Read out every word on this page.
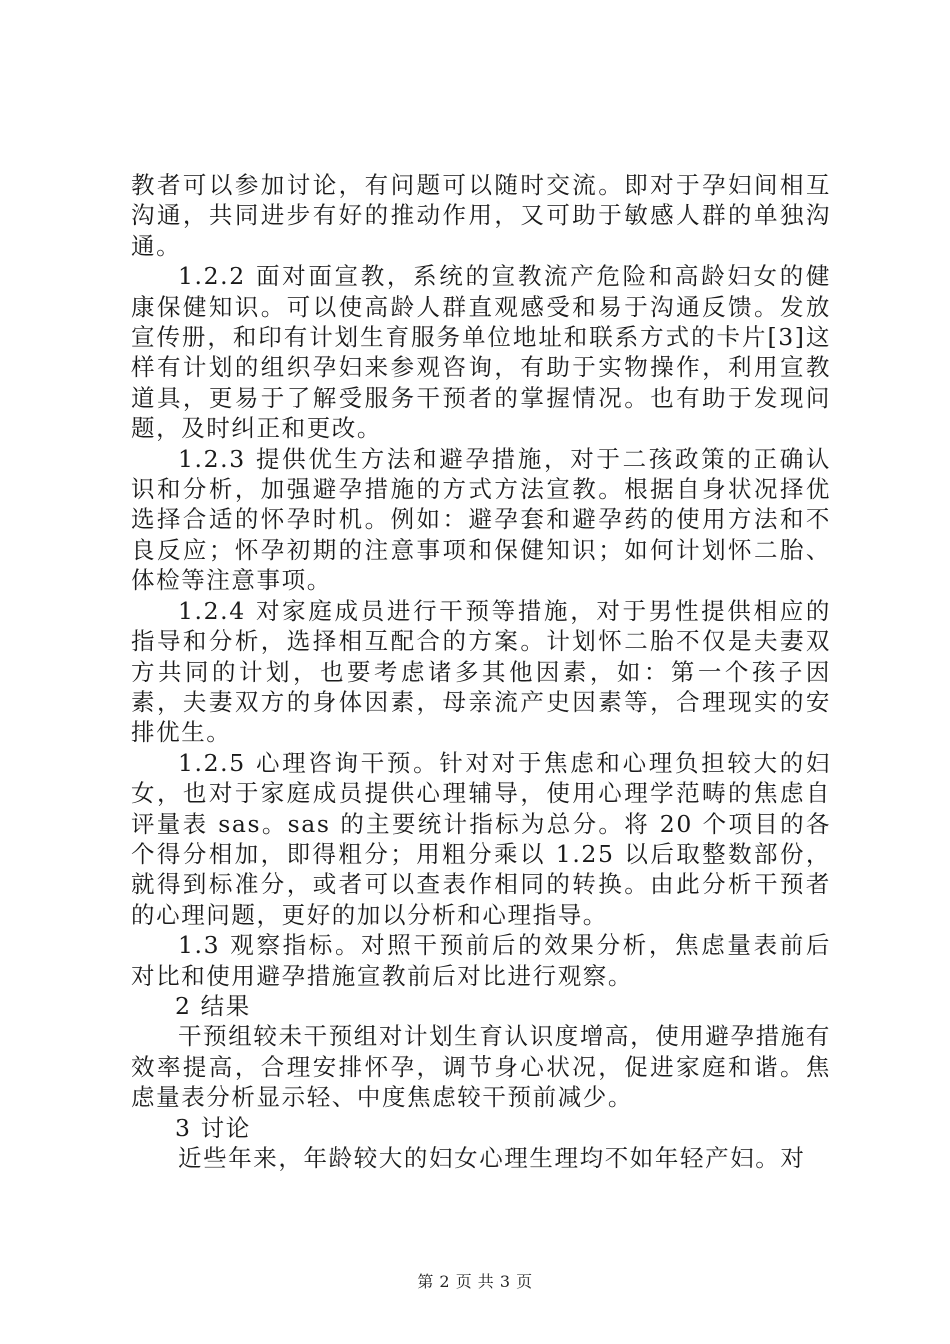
教者可以参加讨论，有问题可以随时交流。即对于孕妇间相互沟通，共同进步有好的推动作用，又可助于敏感人群的单独沟通。

1.2.2 面对面宣教，系统的宣教流产危险和高龄妇女的健康保健知识。可以使高龄人群直观感受和易于沟通反馈。发放宣传册，和印有计划生育服务单位地址和联系方式的卡片[3]这样有计划的组织孕妇来参观咨询，有助于实物操作，利用宣教道具，更易于了解受服务干预者的掌握情况。也有助于发现问题，及时纠正和更改。

1.2.3 提供优生方法和避孕措施，对于二孩政策的正确认识和分析，加强避孕措施的方式方法宣教。根据自身状况择优选择合适的怀孕时机。例如：避孕套和避孕药的使用方法和不良反应；怀孕初期的注意事项和保健知识；如何计划怀二胎、体检等注意事项。

1.2.4 对家庭成员进行干预等措施，对于男性提供相应的指导和分析，选择相互配合的方案。计划怀二胎不仅是夫妻双方共同的计划，也要考虑诸多其他因素，如：第一个孩子因素，夫妻双方的身体因素，母亲流产史因素等，合理现实的安排优生。

1.2.5 心理咨询干预。针对对于焦虑和心理负担较大的妇女，也对于家庭成员提供心理辅导，使用心理学范畴的焦虑自评量表 sas。sas 的主要统计指标为总分。将 20 个项目的各个得分相加，即得粗分；用粗分乘以 1.25 以后取整数部份，就得到标准分，或者可以查表作相同的转换。由此分析干预者的心理问题，更好的加以分析和心理指导。

1.3 观察指标。对照干预前后的效果分析，焦虑量表前后对比和使用避孕措施宣教前后对比进行观察。

2 结果

干预组较未干预组对计划生育认识度增高，使用避孕措施有效率提高，合理安排怀孕，调节身心状况，促进家庭和谐。焦虑量表分析显示轻、中度焦虑较干预前减少。

3 讨论

近些年来，年龄较大的妇女心理生理均不如年轻产妇。对

第 2 页 共 3 页
